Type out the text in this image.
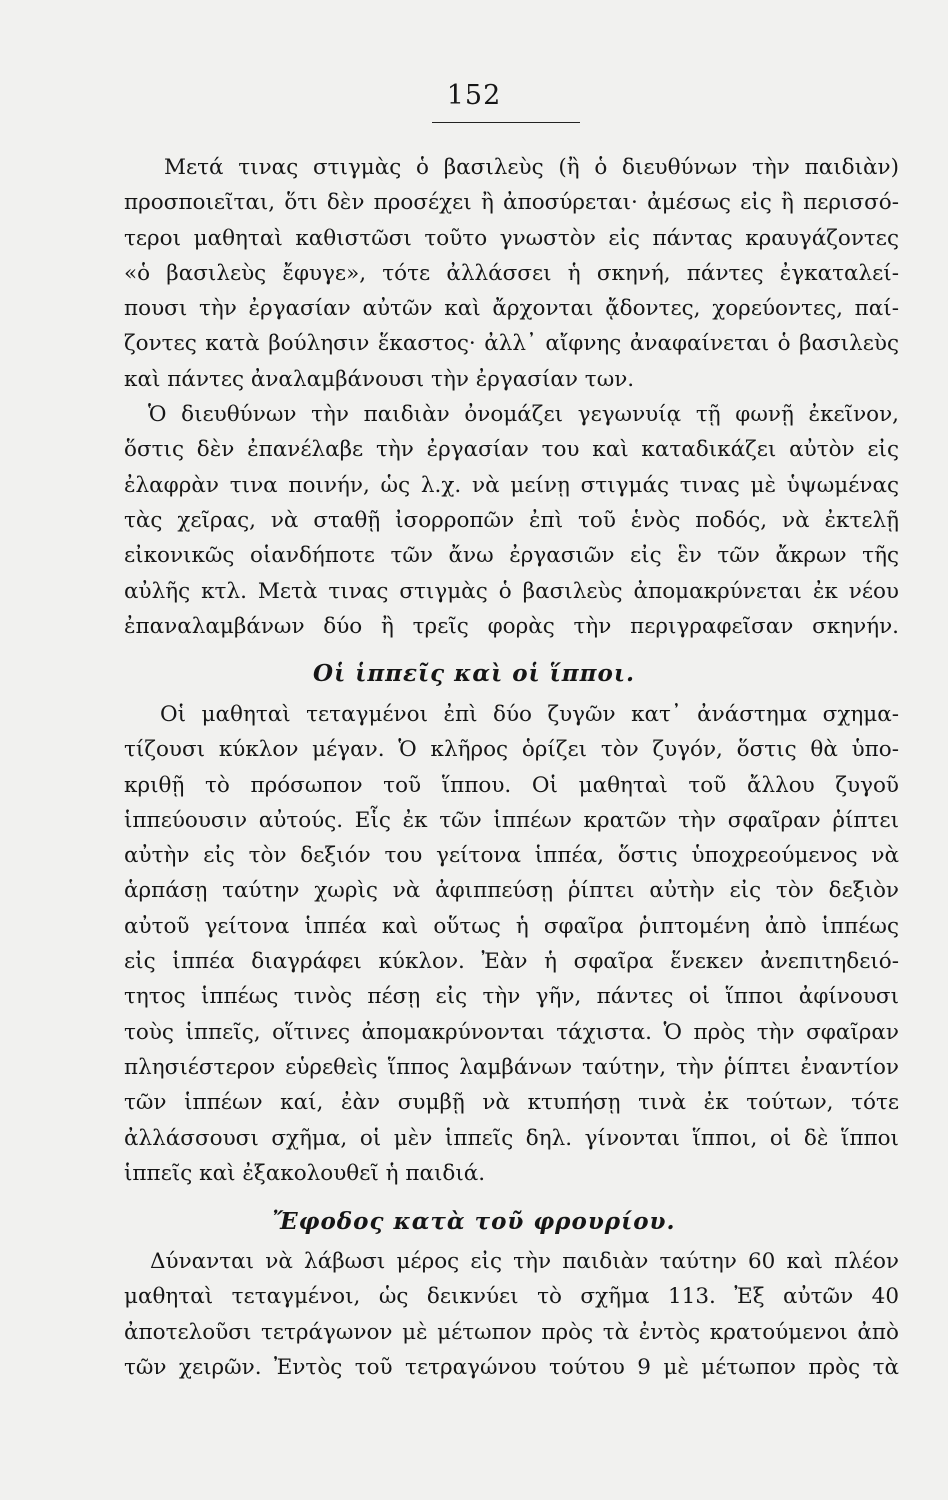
152
Μετά τινας στιγμὰς ὁ βασιλεὺς (ἢ ὁ διευθύνων τὴν παιδιὰν)
προσποιεῖται, ὅτι δὲν προσέχει ἢ ἀποσύρεται· ἀμέσως εἰς ἢ περισσό-
τεροι μαθηταὶ καθιστῶσι τοῦτο γνωστὸν εἰς πάντας κραυγάζοντες
«ὁ βασιλεὺς ἔφυγε», τότε ἀλλάσσει ἡ σκηνή, πάντες ἐγκαταλεί-
πουσι τὴν ἐργασίαν αὐτῶν καὶ ἄρχονται ᾄδοντες, χορεύοντες, παί-
ζοντες κατὰ βούλησιν ἕκαστος· ἀλλ᾽ αἴφνης ἀναφαίνεται ὁ βασιλεὺς
καὶ πάντες ἀναλαμβάνουσι τὴν ἐργασίαν των.
Ὁ διευθύνων τὴν παιδιὰν ὀνομάζει γεγωνυίᾳ τῇ φωνῇ ἐκεῖνον,
ὅστις δὲν ἐπανέλαβε τὴν ἐργασίαν του καὶ καταδικάζει αὐτὸν εἰς
ἐλαφρὰν τινα ποινήν, ὡς λ.χ. νὰ μείνῃ στιγμάς τινας μὲ ὑψωμένας
τὰς χεῖρας, νὰ σταθῇ ἰσορροπῶν ἐπὶ τοῦ ἑνὸς ποδός, νὰ ἐκτελῇ
εἰκονικῶς οἱανδήποτε τῶν ἄνω ἐργασιῶν εἰς ἓν τῶν ἄκρων τῆς
αὐλῆς κτλ. Μετὰ τινας στιγμὰς ὁ βασιλεὺς ἀπομακρύνεται ἐκ νέου
ἐπαναλαμβάνων δύο ἢ τρεῖς φορὰς τὴν περιγραφεῖσαν σκηνήν.
Οἱ ἱππεῖς καὶ οἱ ἵπποι.
Οἱ μαθηταὶ τεταγμένοι ἐπὶ δύο ζυγῶν κατ᾽ ἀνάστημα σχημα-
τίζουσι κύκλον μέγαν. Ὁ κλῆρος ὁρίζει τὸν ζυγόν, ὅστις θὰ ὑπο-
κριθῇ τὸ πρόσωπον τοῦ ἵππου. Οἱ μαθηταὶ τοῦ ἄλλου ζυγοῦ
ἱππεύουσιν αὐτούς. Εἷς ἐκ τῶν ἱππέων κρατῶν τὴν σφαῖραν ῥίπτει
αὐτὴν εἰς τὸν δεξιόν του γείτονα ἱππέα, ὅστις ὑποχρεούμενος νὰ
ἁρπάσῃ ταύτην χωρὶς νὰ ἀφιππεύσῃ ῥίπτει αὐτὴν εἰς τὸν δεξιὸν
αὐτοῦ γείτονα ἱππέα καὶ οὕτως ἡ σφαῖρα ῥιπτομένη ἀπὸ ἱππέως
εἰς ἱππέα διαγράφει κύκλον. Ἐὰν ἡ σφαῖρα ἕνεκεν ἀνεπιτηδειό-
τητος ἱππέως τινὸς πέσῃ εἰς τὴν γῆν, πάντες οἱ ἵπποι ἀφίνουσι
τοὺς ἱππεῖς, οἵτινες ἀπομακρύνονται τάχιστα. Ὁ πρὸς τὴν σφαῖραν
πλησιέστερον εὑρεθεὶς ἵππος λαμβάνων ταύτην, τὴν ῥίπτει ἐναντίον
τῶν ἱππέων καί, ἐὰν συμβῇ νὰ κτυπήσῃ τινὰ ἐκ τούτων, τότε
ἀλλάσσουσι σχῆμα, οἱ μὲν ἱππεῖς δηλ. γίνονται ἵπποι, οἱ δὲ ἵπποι
ἱππεῖς καὶ ἐξακολουθεῖ ἡ παιδιά.
Ἔφοδος κατὰ τοῦ φρουρίου.
Δύνανται νὰ λάβωσι μέρος εἰς τὴν παιδιὰν ταύτην 60 καὶ πλέον
μαθηταὶ τεταγμένοι, ὡς δεικνύει τὸ σχῆμα 113. Ἐξ αὐτῶν 40
ἀποτελοῦσι τετράγωνον μὲ μέτωπον πρὸς τὰ ἐντὸς κρατούμενοι ἀπὸ
τῶν χειρῶν. Ἐντὸς τοῦ τετραγώνου τούτου 9 μὲ μέτωπον πρὸς τὰ
